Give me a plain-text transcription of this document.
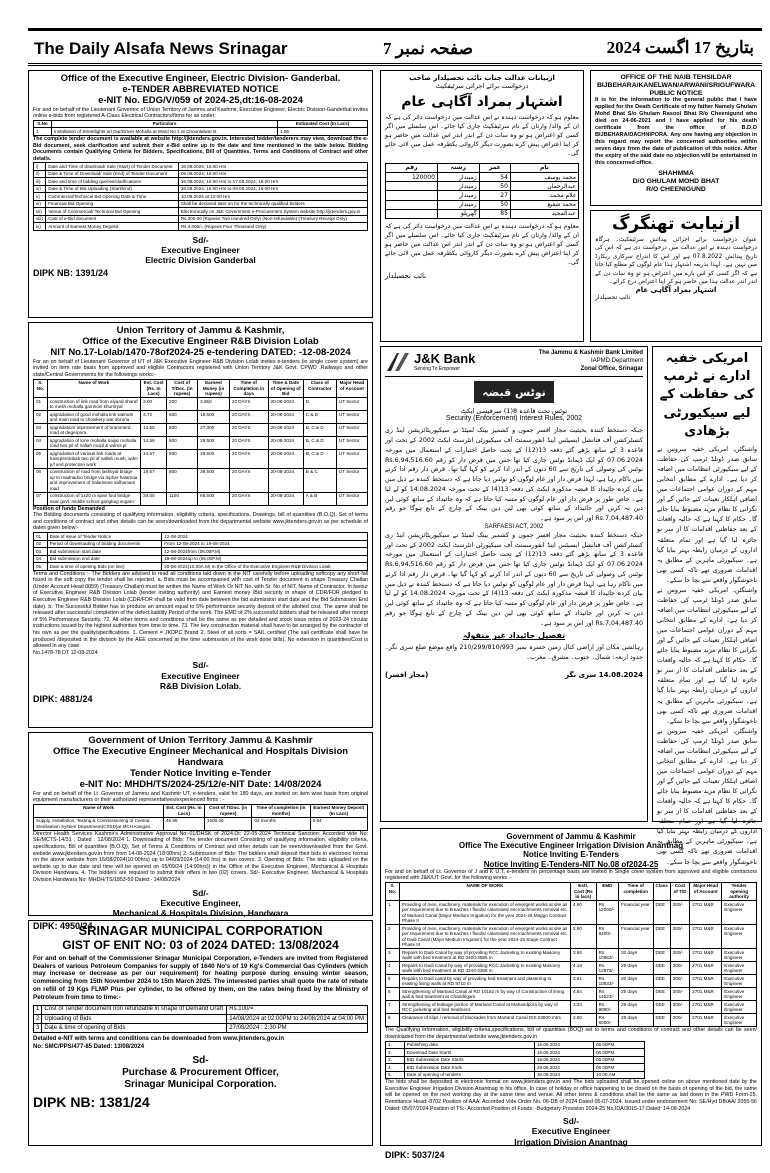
The Daily Alsafa News Srinagar	صفحہ نمبر 7	بتاریخ 17 اگست 2024
Office of the Executive Engineer, Electric Division- Ganderbal.
e-TENDER ABBREVIATED NOTICE
e-NIT No. EDG/V/059 of 2024-25,dt:16-08-2024
For and on behalf of the Lieutenant Governor of Union Territory of Jammu and Kashmir, Executive Engineer, Electric Division-Ganderbal invites online e-bids from registered A-Class Electrical Contractors/firms for as under:
S.No	Particulars	Estimated Cost (In Lacs)
1	Installation of Streetlights art Dar/Driver Mohalla at Ward No 1 at Chountalwar B.	1.96
The complete tender document is available at website http://jktenders.gov.in. Interested bidder/tenderers may view, download the e-Bid document, seek clarification and submit their e-Bid online up to the date and time mentioned in the table below. Bidding Documents contain Qualifying Criteria for Bidders, Specifications, Bill of Quantities, Terms and Conditions of Contract and other details.
i)	Date and Time of download/ Sale (Start) of Tender Document	16.08.2024; 16:00 Hrs
ii)	Date & Time of Download/ Sale (End) of Tender Document	09.09.2024; 16:00 Hrs
iii)	Date and time of bidding queries/clarifications	16.08.2024; 16:00 Hrs to 17.08.2024; 16:00 Hrs
iv)	Date & Time of Bid Uploading (Start/End)	16.08.2024; 16:00 Hrs to 09.09.2024; 16:00 Hrs
v)	Commercial/Technical Bid Opening Date & Time	10.09.2024 at 12:00 Hrs
vi)	Financial Bid Opening	Shall be declared later on for the technically qualified bidders
vii)	Venue of Commercial/ Technical Bid Opening	Electronically on J&K Government e-Procurement System website:http://jktenders.gov.in
viii)	Cost of e-Bid document	Rs.200.00 (Rupees Two Hundred Only) (Non-refundable) (Treasury Receipt Only)
ix)	Amount of Earnest Money Deposit	Rs.4,000/= (Rupees Four Thousand Only)
Sd/-
Executive Engineer
Electric Division Ganderbal
DIPK NB: 1391/24
Union Territory of Jammu & Kashmir,
Office of the Executive Engineer R&B Division Lolab
NIT No.17-Lolab/1470-78of2024-25 e-tendering DATED: -12-08-2024
For an on behalf of Lieutenant Governor of UT of J&K Executive Engineer R&B Division Lolab invites e-tenders (in single cover system) are invited on item rate basis from approved and eligible Contractors registered with Union Territory J&K Govt. CPWD ,Railways and other state/Central Governments for the followings works:-
S. No.	Name of Work	Est. Cost (Rs. In Lacs)	Cost of T/Doc. (in rupees)	Earnest Money (in rupees)	Time of Completion in days	Time & Date of Opening of Bid	Class of Contractor	Major Head of Account
01	construction of link road from alyaral sharaf to mesh mohalla gamnoni khurriryal	2.00	200	3,850	20 DAYS	20-08-2024	D	UT Sector
02	upgradation of good mohalla link walnuts and main road to chowkery war doruna	4.72	600	19,500	20 DAYS	20-08-2024	C & D	UT Sector
03	upgradation/ improvement of brammerd road at degerpora	13.65	800	27,300	20 DAYS	20-08-2024	B, C & D	UT Sector
04	upgradation of lone mohalla naijar mohalla road two pil of nallah muzil & wdms pl	14.56	600	29,500	20 DAYS	20-08-2024	B, C & D	UT Sector
05	upgradation of various link roads at haveperolobab two pil of nallah mush, wdm p/l and protection work	14.57	800	29,500	20 DAYS	20-08-2024	B, C & D	UT Sector
06	construction of road from lashtiyal bridge up to madnadoo bridge via mpher halamaa and improvement of halamsme salhamam road	19.57	800	39,500	20 DAYS	20-08-2024	B & C	UT Sector
07	construction of 1x20 m span foot bridge near govt. middle school gangbug sogam	34.05	1100	66,500	20 DAYS	20-08-2024	A & B	UT Sector
Position of funds Demanded
The Bidding documents consisting of qualifying information, eligibility criteria, specifications, Drawings, bill of quantities (B.O.Q), Set of terms and conditions of contract and other details can be seen/downloaded from the departmental website www.jktenders.gov.in as per schedule of dates given below:-
01.	Date of issue of Tender Notice	12-08-2024
02.	Period of downloading of bidding documents	From 12-08-2024 to 19-08-2024
03.	Bid submission start date	12-08-2024from (06.00P.M)
04.	Bid submission end date	19-08-2024up to (06.00P.M)
05.	Date & time of opening Bids (on line)	20-08-2024(10.00A.M) In the Office of the Executive Engineer R&B Division Lolab
Terms and Conditions :- The Bidders are advised to read all conditions laid down in the NIT carefully before uploading softcopy any short fall found in the soft copy the tender shall be rejected. a. Bids must be accompanied with cost of Tender document in shape Treasury Challan (Under Account Head 0059) (Treasury Challan) must be written the Name of Work Or NIT No. with Sr. No of NIT, Name of Contractor. In favour of Executive Engineer R&B Division Lolab (tender inviting authority) and Earnest money /Bid security in shape of CDR/FDR pledged to Executive Engineer R&B Division Lolab (CDR/FDR shall be valid from date between the bid submission start date and the Bid Submission End date). b. The Successful Bidder has to produce an amount equal to 5% performance security deposit of the allotted cost. The same shall be released after successful completion of the defect liability Period of the work. The EMD of 2% successful bidders shall be released after receipt of 5% Performance Security. 72. All other terms and conditions shall be the same as per detailed and stock issue notes of 2023-24 circular instructions issued by the highest authorities from time to time. 73. The key construction material shall have to be arranged by the contractor of his own as per the quality/specifications. 1. Cement = JKDPC Brand 2. Steel of all sorts = SAIL certified (The sail certificate shall have be produced /deposited in the division by the AEE concerned at the time submission of the work done bills). No extension in quantities/Cost is allowed in any case.
No.1478-78 DT 12-08-2024
Sd/-
Executive Engineer
R&B Division Lolab.
DIPK: 4881/24
Government of Union Territory Jammu & Kashmir
Office The Executive Engineer Mechanical and Hospitals Division Handwara
Tender Notice Inviting e-Tender
e-NIT No: MHDH/TS/2024-25/12/e-NIT Date: 14/08/2024
For and on behalf of the Lt. Governor of Jammu and Kashmir UT, e-tenders, valid for 180 days, are invited on item wise basis from original equipment manufacturers or their authorized representatives/experienced firms : -
Name of Work	Est. Cost (Rs. in Lacs)	Cost of T/Doc. (in rupees)	Time of completion (in months)	Earnest Money Deposit (In Lacs)
Supply, Installation, Testing & Commissioning of Central Sterilisation System Department(CSSD)at MCH Kangan.	46.95	1500.00	02 months	0.94
Director Health Services Kashmir's Administrative Approval No:-01/DHSK of 2024,Dt: 22-05-2024 Technical Sanction: Accorded vide No: SE/MCTS-14/31 , Dated : 12/08/2024 1. Downloading of Bids: The tender document Consisting of qualifying information, eligibility criteria, specifications, Bill of quantities (B.O.Q), Set of Terms & Conditions of Contract and other details can be seen/downloaded from the Govt. website www.jktenders.gov.in from from 14-08-2024 (18:00hrs) 2. Submission of Bids: The bidders shall deposit their bids in electronic format on the above website from 16/08/2024(10:00hrs) up to 04/09/2024 (14:00 hrs) in two covers. 3. Opening of Bids: The bids uploaded on the website up to due date and time will be opened on 05/09/24 (14:00hrs)) in the Office of the Executive Engineer, Mechanical & Hospitals Division Handwara. 4. The bidders are required to submit their offers in two (02) covers. Sd/- Executive Engineer, Mechanical & Hospitals Division Handwara No: MHDH/TS/1853-59 Dated:- 14/08/2024
Sd/-
Executive Engineer,
Mechanical & Hospitals Division, Handwara
DIPK: 4950/24
SRINAGAR MUNICIPAL CORPORATION
GIST OF ENIT NO: 03 of 2024 DATED: 13/08/2024
For and on behalf of the Commissioner Srinagar Municipal Corporation, e-Tenders are invited from Registered Dealers of various Petroleum Companies for supply of 1640 No's of 19 Kg's Commercial Gas Cylinders (which may increase or decrease as per our requirement) for heating purpose during ensuing winter season, commencing from 15th November 2024 to 15th March 2025. The interested parties shall quote the rate of rebate on refill of 19 Kgs FLMP Plus per cylinder, to be offered by them, on the rates being fixed by the Ministry of Petroleum from time to time:-
1	Cost of Tender document non refundable in shape of Demand Draft	Rs.100/=
2	Uploading of Bids	14/08/2024 at 02:00PM to 24/08/2024 at 04:00 PM
3	Date & time of opening of Bids	27/08/2024 : 2:30 PM
Detailed e-NIT with terms and conditions can be downloaded from www.jktenders.gov.in
No: SMC/PPS/477-85 Dated: 13/08/2024
Sd-
Purchase & Procurement Officer,
Srinagar Municipal Corporation.
DIPK NB: 1381/24
ازبیانات عدالت جناب نائب تحصیلدار صاحب
درخواست برائے اجرائی سرٹیفکیٹ
اشتہار بمراد آگاہی عام
معلوم ہو کہ درخواست دہندہ نے اس عدالت میں درخواست دائر کی ہے کہ ان کے والد/ وارثان کے نام سرٹیفکیٹ جاری کیا جائے۔ اس سلسلے میں اگر کسی کو اعتراض ہو تو وہ سات دن کے اندر اندر اس عدالت میں حاضر ہو کر اپنا اعتراض پیش کرے بصورت دیگر کاروائی یکطرفہ عمل میں لائی جائے گی۔
نام	عمر	رشتہ	رقم
محمد یوسف	54	زمیندار	120000
عبدالرحمان	50	زمیندار	
غلام محمد	27	زمیندار	
محمد شفیع	50	زمیندار	
عبدالمجید	85	گھریلو	
معلوم ہو کہ درخواست دہندہ نے اس عدالت میں درخواست دائر کی ہے کہ ان کے والد/ وارثان کے نام سرٹیفکیٹ جاری کیا جائے۔ اس سلسلے میں اگر کسی کو اعتراض ہو تو وہ سات دن کے اندر اندر اس عدالت میں حاضر ہو کر اپنا اعتراض پیش کرے بصورت دیگر کاروائی یکطرفہ عمل میں لائی جائے گی۔
نائب تحصیلدار
OFFICE OF THE NAIB TEHSILDAR BIJBEHARA/KANELWAN/ARWANI/SRIGUFWARA
PUBLIC NOTICE
It is for the information to the general public that I have applied for the Death Certificate of my father Namely Ghulam Mohd Bhat S/o Ghulam Rasool Bhat R/o Cheenigund who died on 24-06-2021 and I have applied for his death certificate from the office of B.D.O BIJBEHARA/DACHNIPORA. Any one having any objection in this regard may report the concerned authorities within seven days from the date of publication of this notice. After the expiry of the said date no objection will be entertained in this concerned office.
SHAHMMA
D/O GHULAM MOHD BHAT
R/O CHEENIGUND
ازنیابت تھنگرگ
عنوان درخواست برائے اجرائی پیدائش سرٹیفکیٹ۔ ہرگاہ درخواست دہندہ نے اس عدالت میں درخواست دی ہے کہ اس کی تاریخ پیدائش 07.8.2022 ہے اور اس کا اندراج سرکاری ریکارڈ میں نہیں ہے۔ لہذا بذریعہ اشتہار ہذا عام لوگوں کو مطلع کیا جاتا ہے کہ اگر کسی کو اس بارے میں اعتراض ہو تو وہ سات دن کے اندر اندر عدالت ہذا میں حاضر ہو کر اپنا اعتراض درج کرائے۔
اشتہار بمراد آگاہی عام
نائب تحصیلدار
J&K Bank
Serving To Empower
The Jammu & Kashmir Bank Limited
IAPMD Department
Zonal Office, Srinagar
نوٹس قبضہ
نوٹس تحت قاعدہ 8(1) سرفیسی ایکٹ
Security (Enforcement) Interest Rules, 2002
جبکہ دستخط کنندہ بحیثیت مجاز افسر جموں و کشمیر بینک لمیٹڈ نے سیکیوریٹائزیشن اینڈ ری کنسٹرکشن آف فنانشل ایسیٹس اینڈ انفورسمنٹ آف سیکیورٹی انٹرسٹ ایکٹ 2002 کے تحت اور قاعدہ 3 کے ساتھ پڑھے گئے دفعہ 13(12) کے تحت حاصل اختیارات کے استعمال میں مورخہ 07.06.2024 کو ایک ڈیمانڈ نوٹس جاری کیا تھا جس میں قرض دار کو رقم Rs.6,94,516.60 نوٹس کی وصولی کی تاریخ سے 60 دنوں کے اندر ادا کرنے کو کہا گیا تھا۔ قرض دار رقم ادا کرنے میں ناکام رہا ہے، لہذا قرض دار اور عام لوگوں کو نوٹس دیا جاتا ہے کہ دستخط کنندہ نے ذیل میں بیان کردہ جائیداد کا قبضہ مذکورہ ایکٹ کی دفعہ 13(4) کے تحت مورخہ 14.08.2024 کو لے لیا ہے۔ خاص طور پر قرض دار اور عام لوگوں کو متنبہ کیا جاتا ہے کہ وہ جائیداد کے ساتھ کوئی لین دین نہ کریں اور جائیداد کے ساتھ کوئی بھی لین دین بینک کے چارج کے تابع ہوگا جو رقم Rs.7,04,487.40 اور اس پر سود ہے۔
SARFAESI ACT, 2002
جبکہ دستخط کنندہ بحیثیت مجاز افسر جموں و کشمیر بینک لمیٹڈ نے سیکیوریٹائزیشن اینڈ ری کنسٹرکشن آف فنانشل ایسیٹس اینڈ انفورسمنٹ آف سیکیورٹی انٹرسٹ ایکٹ 2002 کے تحت اور قاعدہ 3 کے ساتھ پڑھے گئے دفعہ 13(12) کے تحت حاصل اختیارات کے استعمال میں مورخہ 07.06.2024 کو ایک ڈیمانڈ نوٹس جاری کیا تھا جس میں قرض دار کو رقم Rs.6,94,516.60 نوٹس کی وصولی کی تاریخ سے 60 دنوں کے اندر ادا کرنے کو کہا گیا تھا۔ قرض دار رقم ادا کرنے میں ناکام رہا ہے، لہذا قرض دار اور عام لوگوں کو نوٹس دیا جاتا ہے کہ دستخط کنندہ نے ذیل میں بیان کردہ جائیداد کا قبضہ مذکورہ ایکٹ کی دفعہ 13(4) کے تحت مورخہ 14.08.2024 کو لے لیا ہے۔ خاص طور پر قرض دار اور عام لوگوں کو متنبہ کیا جاتا ہے کہ وہ جائیداد کے ساتھ کوئی لین دین نہ کریں اور جائیداد کے ساتھ کوئی بھی لین دین بینک کے چارج کے تابع ہوگا جو رقم Rs.7,04,487.40 اور اس پر سود ہے۔
تفصیل جائیداد غیر منقولہ
رہائشی مکان اور اراضی کنال زمین خسرہ نمبر 210/299/810/993 واقع موضع ضلع سری نگر۔ حدود اربعہ: شمال۔ جنوب۔ مشرق۔ مغرب۔
(مجاز افسر)	14.08.2024 سری نگر
امریکی خفیہ ادارے نے ٹرمپ کی حفاظت کے لیے سیکیورٹی بڑھادی
واشنگٹن، امریکی خفیہ سروس نے سابق صدر ڈونلڈ ٹرمپ کی حفاظت کے لیے سیکیورٹی انتظامات میں اضافہ کر دیا ہے۔ ادارے کے مطابق انتخابی مہم کے دوران عوامی اجتماعات میں اضافی اہلکار تعینات کیے جائیں گے اور نگرانی کا نظام مزید مضبوط بنایا جائے گا۔ حکام کا کہنا ہے کہ حالیہ واقعات کے بعد حفاظتی اقدامات کا از سر نو جائزہ لیا گیا ہے اور تمام متعلقہ اداروں کے درمیان رابطہ بہتر بنایا گیا ہے۔ سیکیورٹی ماہرین کے مطابق یہ اقدامات ضروری تھے تاکہ کسی بھی ناخوشگوار واقعے سے بچا جا سکے۔
واشنگٹن، امریکی خفیہ سروس نے سابق صدر ڈونلڈ ٹرمپ کی حفاظت کے لیے سیکیورٹی انتظامات میں اضافہ کر دیا ہے۔ ادارے کے مطابق انتخابی مہم کے دوران عوامی اجتماعات میں اضافی اہلکار تعینات کیے جائیں گے اور نگرانی کا نظام مزید مضبوط بنایا جائے گا۔ حکام کا کہنا ہے کہ حالیہ واقعات کے بعد حفاظتی اقدامات کا از سر نو جائزہ لیا گیا ہے اور تمام متعلقہ اداروں کے درمیان رابطہ بہتر بنایا گیا ہے۔ سیکیورٹی ماہرین کے مطابق یہ اقدامات ضروری تھے تاکہ کسی بھی ناخوشگوار واقعے سے بچا جا سکے۔
واشنگٹن، امریکی خفیہ سروس نے سابق صدر ڈونلڈ ٹرمپ کی حفاظت کے لیے سیکیورٹی انتظامات میں اضافہ کر دیا ہے۔ ادارے کے مطابق انتخابی مہم کے دوران عوامی اجتماعات میں اضافی اہلکار تعینات کیے جائیں گے اور نگرانی کا نظام مزید مضبوط بنایا جائے گا۔ حکام کا کہنا ہے کہ حالیہ واقعات کے بعد حفاظتی اقدامات کا از سر نو جائزہ لیا گیا ہے اور تمام متعلقہ اداروں کے درمیان رابطہ بہتر بنایا گیا ہے۔ سیکیورٹی ماہرین کے مطابق یہ اقدامات ضروری تھے تاکہ کسی بھی ناخوشگوار واقعے سے بچا جا سکے۔
Government of Jammu & Kashmir
Office The Executive Engineer Irrigation Division Anantnag
Notice Inviting E-Tenders
Notice Inviting E-Tenders-NIT No.08 of2024-25
For and on behalf of Lt. Governor of J and K U.T, e-tenders on percentage basis are invited in Single cover system from approved and eligible contractors registered with J&K/UT Govt. for the following works :-
S. No.	NAME OF WORK	Estt. Cost (Rs in lacs)	EMD	Time of completion	Class	Cost of T/D	Major Head of Account	Tender opening authority
1	Providing of men, machinery, materials for execution of emergent works at site as per requirement due to breaches / floods/ calamities/ encroachments removal etc of Martand Canal (Major Medium Irrigation) for the year 2024-25 Maggo Contract Phase II	4.90	Rs 12000/-	Financial year	DEE	300/-	2701 M&R	Executive Engineer
2	Providing of men, machinery, materials for execution of emergent works at site as per requirement due to breaches / floods/ calamities/ encroachments removal etc of Dadi Canal (Major Medium Irrigation) for the year 2024-25 Stage Contract Phase III	2.90	Rs 8400/-	Financial year	DEE	300/-	2701 M&R	Executive Engineer
3	Repairs to Dadi Canal by way of providing RCC Jacketing to existing Masonry walls with bed treatment at RD 3400-3585 m	3.66	Rs 10963/-	20 days	DEE	300/-	2701 M&R	Executive Engineer
4	Repairs to Dadi Canal by way of providing RCC Jacketing to existing Masonry walls with bed treatment at RD 3244-3368 m	4.19	Rs 12573/-	25 days	DEE	300/-	2701 M&R	Executive Engineer
5	Repairs to Dadi canal by way of providing bed treatment and plastering to existing lining walls at RD 8710 m	3.61	Rs 10833/-	20 days	DEE	300/-	2701 M&R	Executive Engineer
6	Strengthening of Martand Canal at RD 10152 m by way of Construction of lining wall & bed treatment at Chandrigam	4.84	Rs 14523/-	25 days	DEE	300/-	2701 M&R	Executive Engineer
7	Strengthening of leakage portion of Martand Canal at Mahandpora by way of RCC jacketing and bed treatment.	3.33	Rs 9990/-	25 days	DEE	300/-	2701 M&R	Executive Engineer
8	Clearance of slips / removal of blockades from Martand Canal D/S 23800 mtrs	2.00	Rs 6000/-	25 days	DEE	300/-	2701 M&R	Executive Engineer
The Qualifying information, eligibility criteria,specifications, bill of quantities (BOQ) set to terms and conditions of contract and other details can be seen/ downloaded from the departmental website www.jktenders.gov.in
1.	Publishing date	16.08.2024	06.00PM
2.	Download Date Starts	16.08.2024	06.00PM
3.	BID Submission Date Starts	16.08.2024	06.00PM
4.	BID Submission Date Ends	29.08.2024	06.00PM
5.	Date of opening of tenders	30.08.2024	10.00 AM
The bids shall be deposited in electronic format on www.jktenders.gov.in and The bids uploaded shall be opened online on above mentioned date by the Executive Engineer Irrigation Division Anantnag in his office. In case of holiday or office happening to be closed on the basis of opening of the bid, the same will be opened on the next working day at the same time and venue. All other terms & conditions shall be the same as laid down in the PWD Form-25. Remittance Head:-8702 Position of AAA: Accorded Vide Order No. 06-DB of 2024 Dated 05-07-2024. Issued under endorsement No. SE/Hyd DB/AA/ 2055-56 Dated: 05/07/2024 Position of TS:- Accorded Position of Funds: -Budgetary Provision 2024-25 No.IDA/3015-17 Dated: 14-08-2024
Sd/-
Executive Engineer
Irrigation Division Anantnag
DIPK: 5037/24
